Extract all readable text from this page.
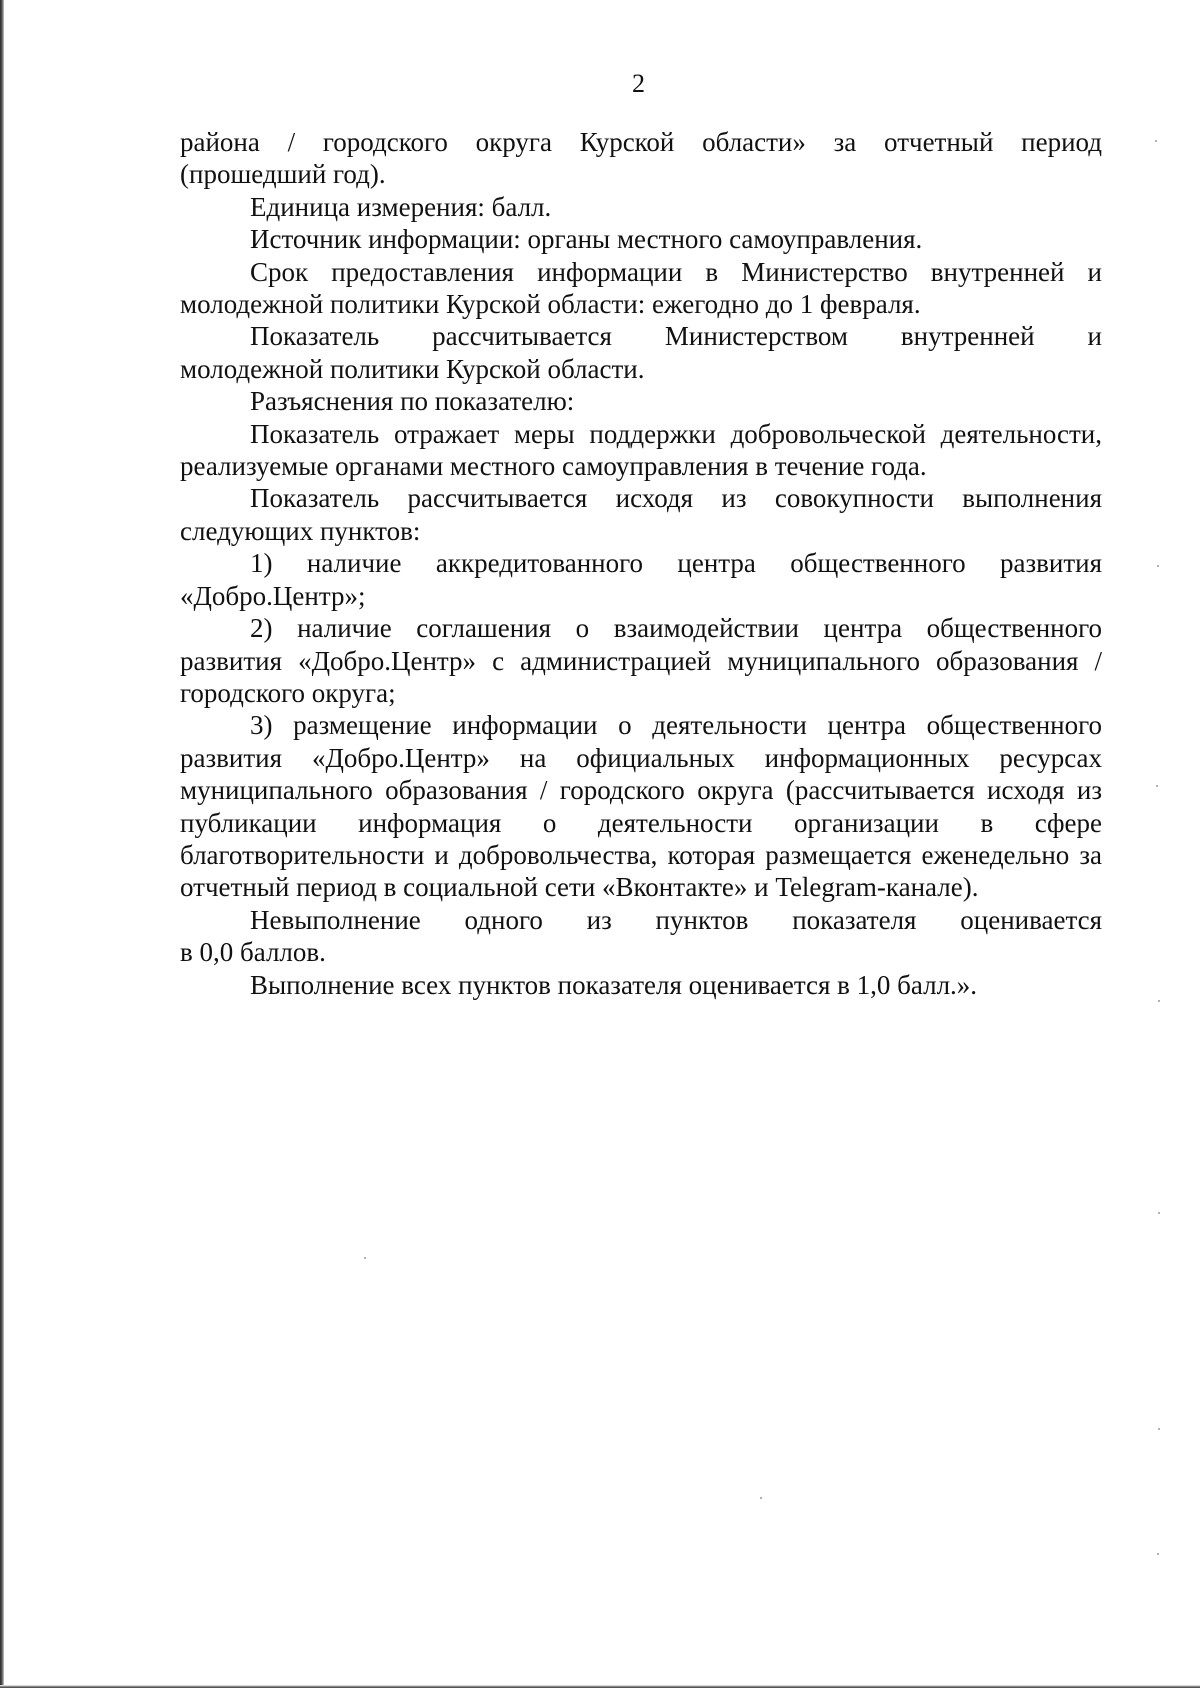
2

района / городского округа Курской области» за отчетный период
(прошедший год).

Единица измерения: балл.

Источник информации: органы местного самоуправления.

Срок предоставления информации в Министерство внутренней и
молодежной политики Курской области: ежегодно до 1 февраля.

Показатель рассчитывается Министерством внутренней и
молодежной политики Курской области.

Разъяснения по показателю:

Показатель отражает меры поддержки добровольческой деятельности,
реализуемые органами местного самоуправления в течение года.

Показатель рассчитывается исходя из совокупности выполнения
следующих пунктов:

1) наличие аккредитованного центра общественного развития
«Добро.Центр»;

2) наличие соглашения о взаимодействии центра общественного
развития «Добро.Центр» с администрацией муниципального образования / городского округа;

3) размещение информации о деятельности центра общественного
развития «Добро.Центр» на официальных информационных ресурсах муниципального образования / городского округа (рассчитывается исходя из публикации информация о деятельности организации в сфере благотворительности и добровольчества, которая размещается еженедельно за отчетный период в социальной сети «Вконтакте» и Telegram-канале).

Невыполнение одного из пунктов показателя оценивается
в 0,0 баллов.

Выполнение всех пунктов показателя оценивается в 1,0 балл.».
